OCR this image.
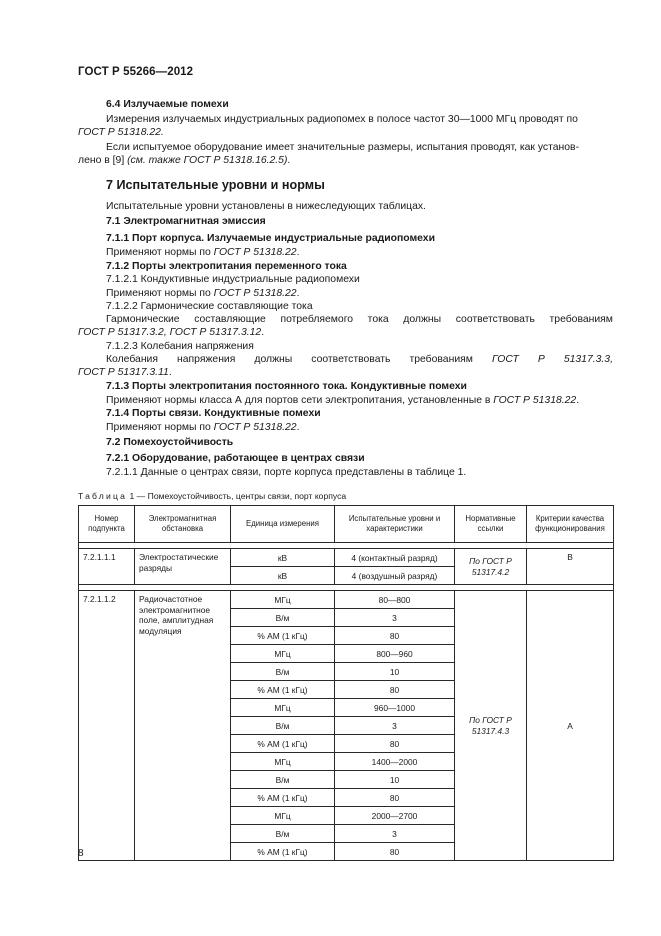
ГОСТ Р 55266—2012
6.4 Излучаемые помехи
Измерения излучаемых индустриальных радиопомех в полосе частот 30—1000 МГц проводят по
ГОСТ Р 51318.22.
Если испытуемое оборудование имеет значительные размеры, испытания проводят, как установ-
лено в [9] (см. также ГОСТ Р 51318.16.2.5).
7 Испытательные уровни и нормы
Испытательные уровни установлены в нижеследующих таблицах.
7.1 Электромагнитная эмиссия
7.1.1 Порт корпуса. Излучаемые индустриальные радиопомехи
Применяют нормы по ГОСТ Р 51318.22.
7.1.2 Порты электропитания переменного тока
7.1.2.1 Кондуктивные индустриальные радиопомехи
Применяют нормы по ГОСТ Р 51318.22.
7.1.2.2 Гармонические составляющие тока
Гармонические составляющие потребляемого тока должны соответствовать требованиям
ГОСТ Р 51317.3.2, ГОСТ Р 51317.3.12.
7.1.2.3 Колебания напряжения
Колебания напряжения должны соответствовать требованиям ГОСТ Р 51317.3.3,
ГОСТ Р 51317.3.11.
7.1.3 Порты электропитания постоянного тока. Кондуктивные помехи
Применяют нормы класса А для портов сети электропитания, установленные в ГОСТ Р 51318.22.
7.1.4 Порты связи. Кондуктивные помехи
Применяют нормы по ГОСТ Р 51318.22.
7.2 Помехоустойчивость
7.2.1 Оборудование, работающее в центрах связи
7.2.1.1 Данные о центрах связи, порте корпуса представлены в таблице 1.
Таблица 1 — Помехоустойчивость, центры связи, порт корпуса
Номер подпункта	Электромагнитная обстановка	Единица измерения	Испытательные уровни и характеристики	Нормативные ссылки	Критерии качества функционирования

7.2.1.1.1	Электростатические разряды	кВ	4 (контактный разряд)	По ГОСТ Р 51317.4.2	В
		кВ	4 (воздушный разряд)		

7.2.1.1.2	Радиочастотное электромагнитное поле, амплитудная модуляция	МГц	80—800	По ГОСТ Р 51317.4.3	А
		В/м	3		
		% АМ (1 кГц)	80		
		МГц	800—960		
		В/м	10		
		% АМ (1 кГц)	80		
		МГц	960—1000		
		В/м	3		
		% АМ (1 кГц)	80		
		МГц	1400—2000		
		В/м	10		
		% АМ (1 кГц)	80		
		МГц	2000—2700		
		В/м	3		
		% АМ (1 кГц)	80		
8
